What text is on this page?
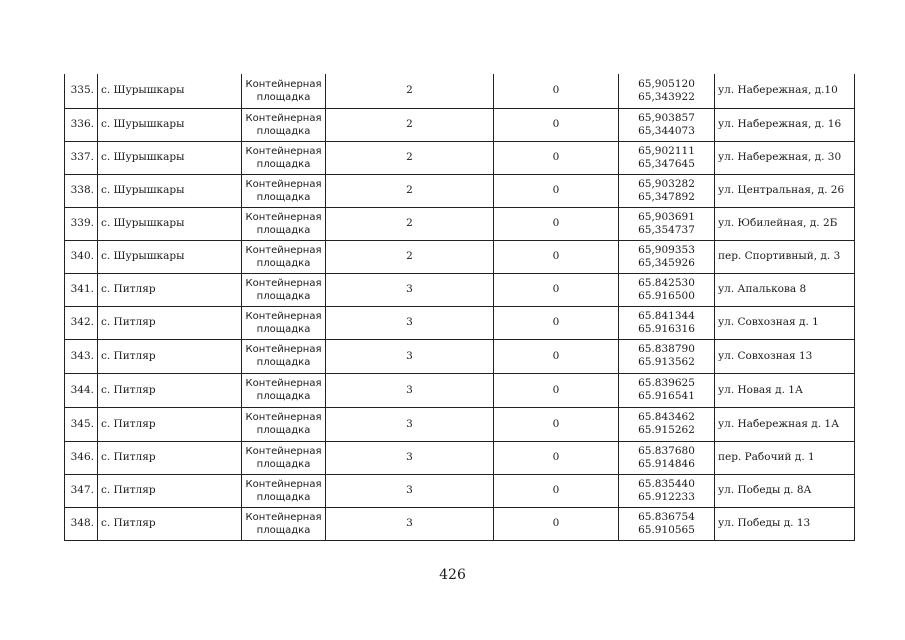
335.	с. Шурышкары	Контейнерная
площадка	2	0	65,905120
65,343922	ул. Набережная, д.10
336.	с. Шурышкары	Контейнерная
площадка	2	0	65,903857
65,344073	ул. Набережная, д. 16
337.	с. Шурышкары	Контейнерная
площадка	2	0	65,902111
65,347645	ул. Набережная, д. 30
338.	с. Шурышкары	Контейнерная
площадка	2	0	65,903282
65,347892	ул. Центральная, д. 26
339.	с. Шурышкары	Контейнерная
площадка	2	0	65,903691
65,354737	ул. Юбилейная, д. 2Б
340.	с. Шурышкары	Контейнерная
площадка	2	0	65,909353
65,345926	пер. Спортивный, д. 3
341.	с. Питляр	Контейнерная
площадка	3	0	65.842530
65.916500	ул. Апалькова 8
342.	с. Питляр	Контейнерная
площадка	3	0	65.841344
65.916316	ул. Совхозная д. 1
343.	с. Питляр	Контейнерная
площадка	3	0	65.838790
65.913562	ул. Совхозная 13
344.	с. Питляр	Контейнерная
площадка	3	0	65.839625
65.916541	ул. Новая д. 1А
345.	с. Питляр	Контейнерная
площадка	3	0	65.843462
65.915262	ул. Набережная д. 1А
346.	с. Питляр	Контейнерная
площадка	3	0	65.837680
65.914846	пер. Рабочий д. 1
347.	с. Питляр	Контейнерная
площадка	3	0	65.835440
65.912233	ул. Победы д. 8А
348.	с. Питляр	Контейнерная
площадка	3	0	65.836754
65.910565	ул. Победы д. 13
426
